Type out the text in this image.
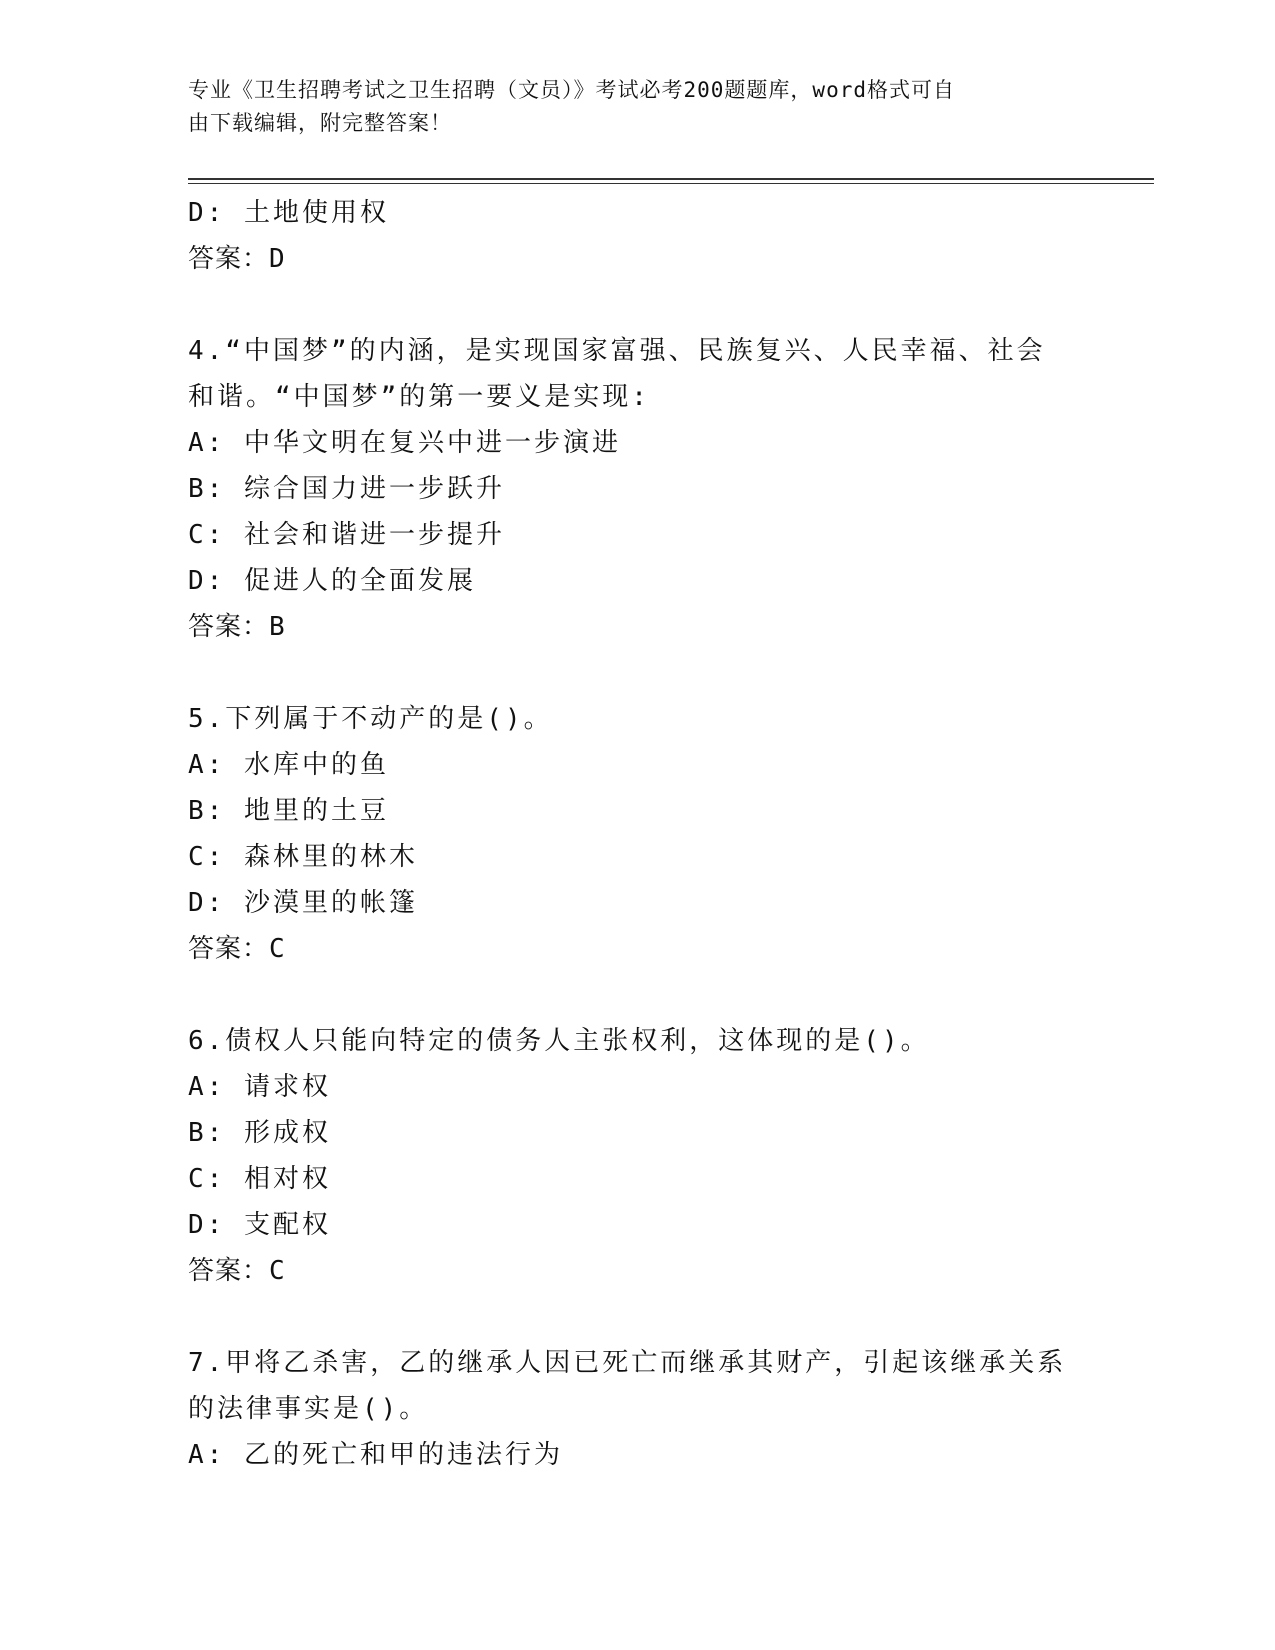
专业《卫生招聘考试之卫生招聘（文员）》考试必考200题题库，word格式可自
由下载编辑，附完整答案！
D: 土地使用权
答案：D
4.“中国梦”的内涵，是实现国家富强、民族复兴、人民幸福、社会
和谐。“中国梦”的第一要义是实现:
A: 中华文明在复兴中进一步演进
B: 综合国力进一步跃升
C: 社会和谐进一步提升
D: 促进人的全面发展
答案：B
5.下列属于不动产的是()。
A: 水库中的鱼
B: 地里的土豆
C: 森林里的林木
D: 沙漠里的帐篷
答案：C
6.债权人只能向特定的债务人主张权利，这体现的是()。
A: 请求权
B: 形成权
C: 相对权
D: 支配权
答案：C
7.甲将乙杀害，乙的继承人因已死亡而继承其财产，引起该继承关系
的法律事实是()。
A: 乙的死亡和甲的违法行为
